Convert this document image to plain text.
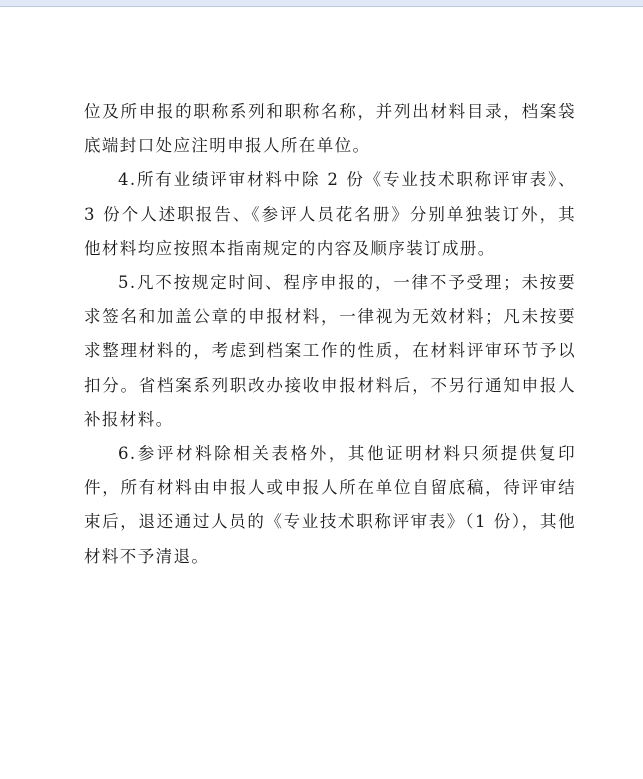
位及所申报的职称系列和职称名称，并列出材料目录，档案袋底端封口处应注明申报人所在单位。

4.所有业绩评审材料中除 2 份《专业技术职称评审表》、3 份个人述职报告、《参评人员花名册》分别单独装订外，其他材料均应按照本指南规定的内容及顺序装订成册。

5.凡不按规定时间、程序申报的，一律不予受理；未按要求签名和加盖公章的申报材料，一律视为无效材料；凡未按要求整理材料的，考虑到档案工作的性质，在材料评审环节予以扣分。省档案系列职改办接收申报材料后，不另行通知申报人补报材料。

6.参评材料除相关表格外，其他证明材料只须提供复印件，所有材料由申报人或申报人所在单位自留底稿，待评审结束后，退还通过人员的《专业技术职称评审表》（1 份），其他材料不予清退。
